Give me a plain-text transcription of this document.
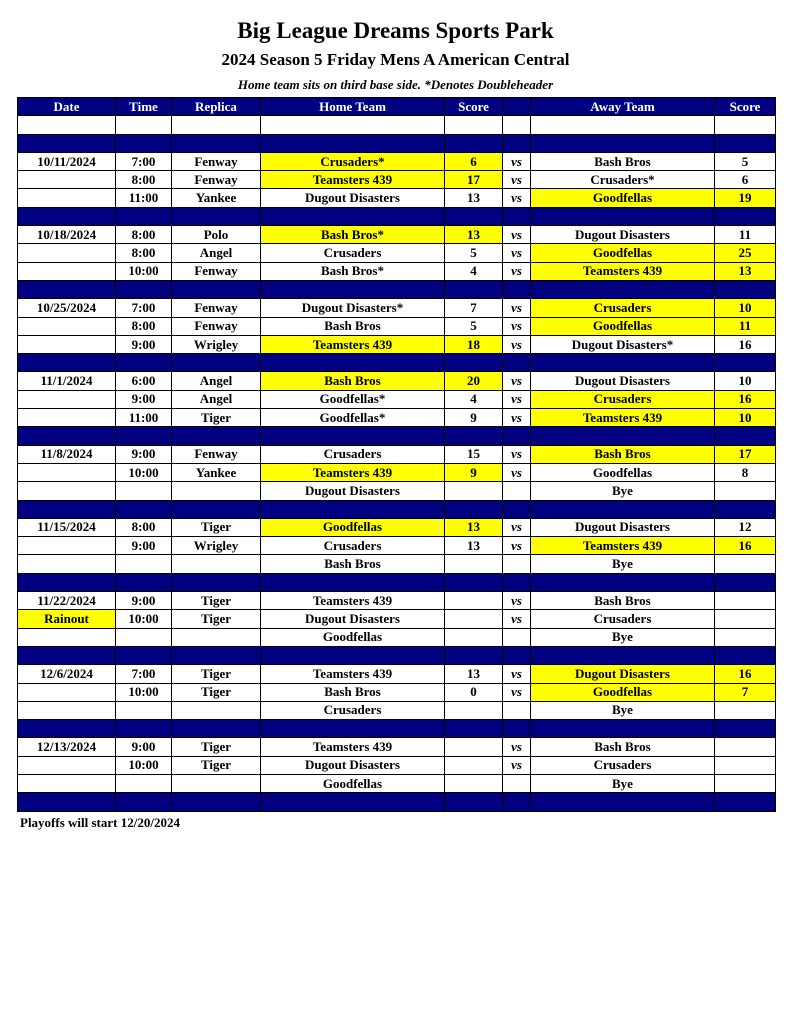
Big League Dreams Sports Park
2024 Season 5 Friday Mens A American Central
Home team sits on third base side. *Denotes Doubleheader
Date	Time	Replica	Home Team	Score		Away Team	Score

10/11/2024	7:00	Fenway	Crusaders*	6	vs	Bash Bros	5
	8:00	Fenway	Teamsters 439	17	vs	Crusaders*	6
	11:00	Yankee	Dugout Disasters	13	vs	Goodfellas	19

10/18/2024	8:00	Polo	Bash Bros*	13	vs	Dugout Disasters	11
	8:00	Angel	Crusaders	5	vs	Goodfellas	25
	10:00	Fenway	Bash Bros*	4	vs	Teamsters 439	13

10/25/2024	7:00	Fenway	Dugout Disasters*	7	vs	Crusaders	10
	8:00	Fenway	Bash Bros	5	vs	Goodfellas	11
	9:00	Wrigley	Teamsters 439	18	vs	Dugout Disasters*	16

11/1/2024	6:00	Angel	Bash Bros	20	vs	Dugout Disasters	10
	9:00	Angel	Goodfellas*	4	vs	Crusaders	16
	11:00	Tiger	Goodfellas*	9	vs	Teamsters 439	10

11/8/2024	9:00	Fenway	Crusaders	15	vs	Bash Bros	17
	10:00	Yankee	Teamsters 439	9	vs	Goodfellas	8
			Dugout Disasters			Bye	

11/15/2024	8:00	Tiger	Goodfellas	13	vs	Dugout Disasters	12
	9:00	Wrigley	Crusaders	13	vs	Teamsters 439	16
			Bash Bros			Bye	

11/22/2024	9:00	Tiger	Teamsters 439		vs	Bash Bros	
Rainout	10:00	Tiger	Dugout Disasters		vs	Crusaders	
			Goodfellas			Bye	

12/6/2024	7:00	Tiger	Teamsters 439	13	vs	Dugout Disasters	16
	10:00	Tiger	Bash Bros	0	vs	Goodfellas	7
			Crusaders			Bye	

12/13/2024	9:00	Tiger	Teamsters 439		vs	Bash Bros	
	10:00	Tiger	Dugout Disasters		vs	Crusaders	
			Goodfellas			Bye	

Playoffs will start 12/20/2024
